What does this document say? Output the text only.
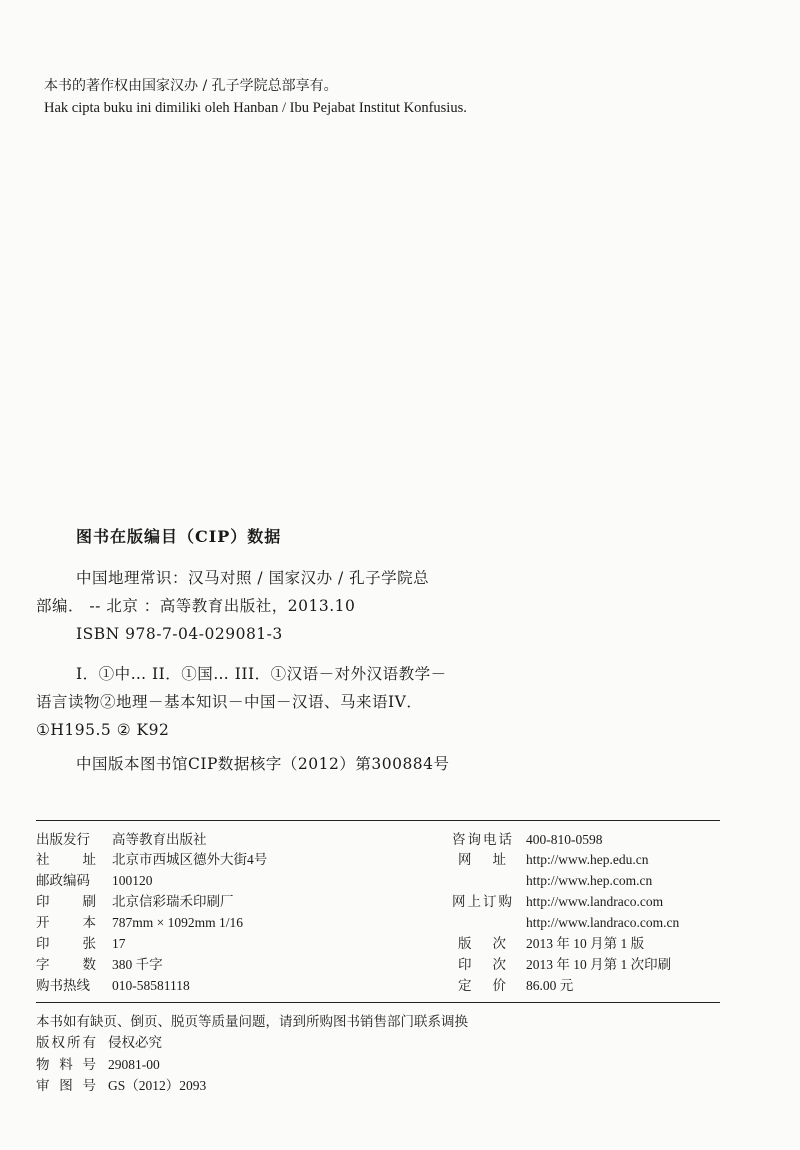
本书的著作权由国家汉办 / 孔子学院总部享有。
Hak cipta buku ini dimiliki oleh Hanban / Ibu Pejabat Institut Konfusius.
图书在版编目（CIP）数据
中国地理常识：汉马对照 / 国家汉办 / 孔子学院总
部编． -- 北京 ：高等教育出版社，2013.10
ISBN 978-7-04-029081-3
I．①中… II．①国… III．①汉语－对外汉语教学－
语言读物②地理－基本知识－中国－汉语、马来语IV．
①H195.5 ② K92
中国版本图书馆CIP数据核字（2012）第300884号
出版发行 高等教育出版社
社址 北京市西城区德外大街4号
邮政编码 100120
印刷 北京信彩瑞禾印刷厂
开本 787mm × 1092mm 1/16
印张 17
字数 380 千字
购书热线 010-58581118
咨询电话 400-810-0598
网址 http://www.hep.edu.cn
http://www.hep.com.cn
网上订购 http://www.landraco.com
http://www.landraco.com.cn
版次 2013 年 10 月第 1 版
印次 2013 年 10 月第 1 次印刷
定价 86.00 元
本书如有缺页、倒页、脱页等质量问题，请到所购图书销售部门联系调换
版权所有 侵权必究
物料号 29081-00
审图号 GS（2012）2093
